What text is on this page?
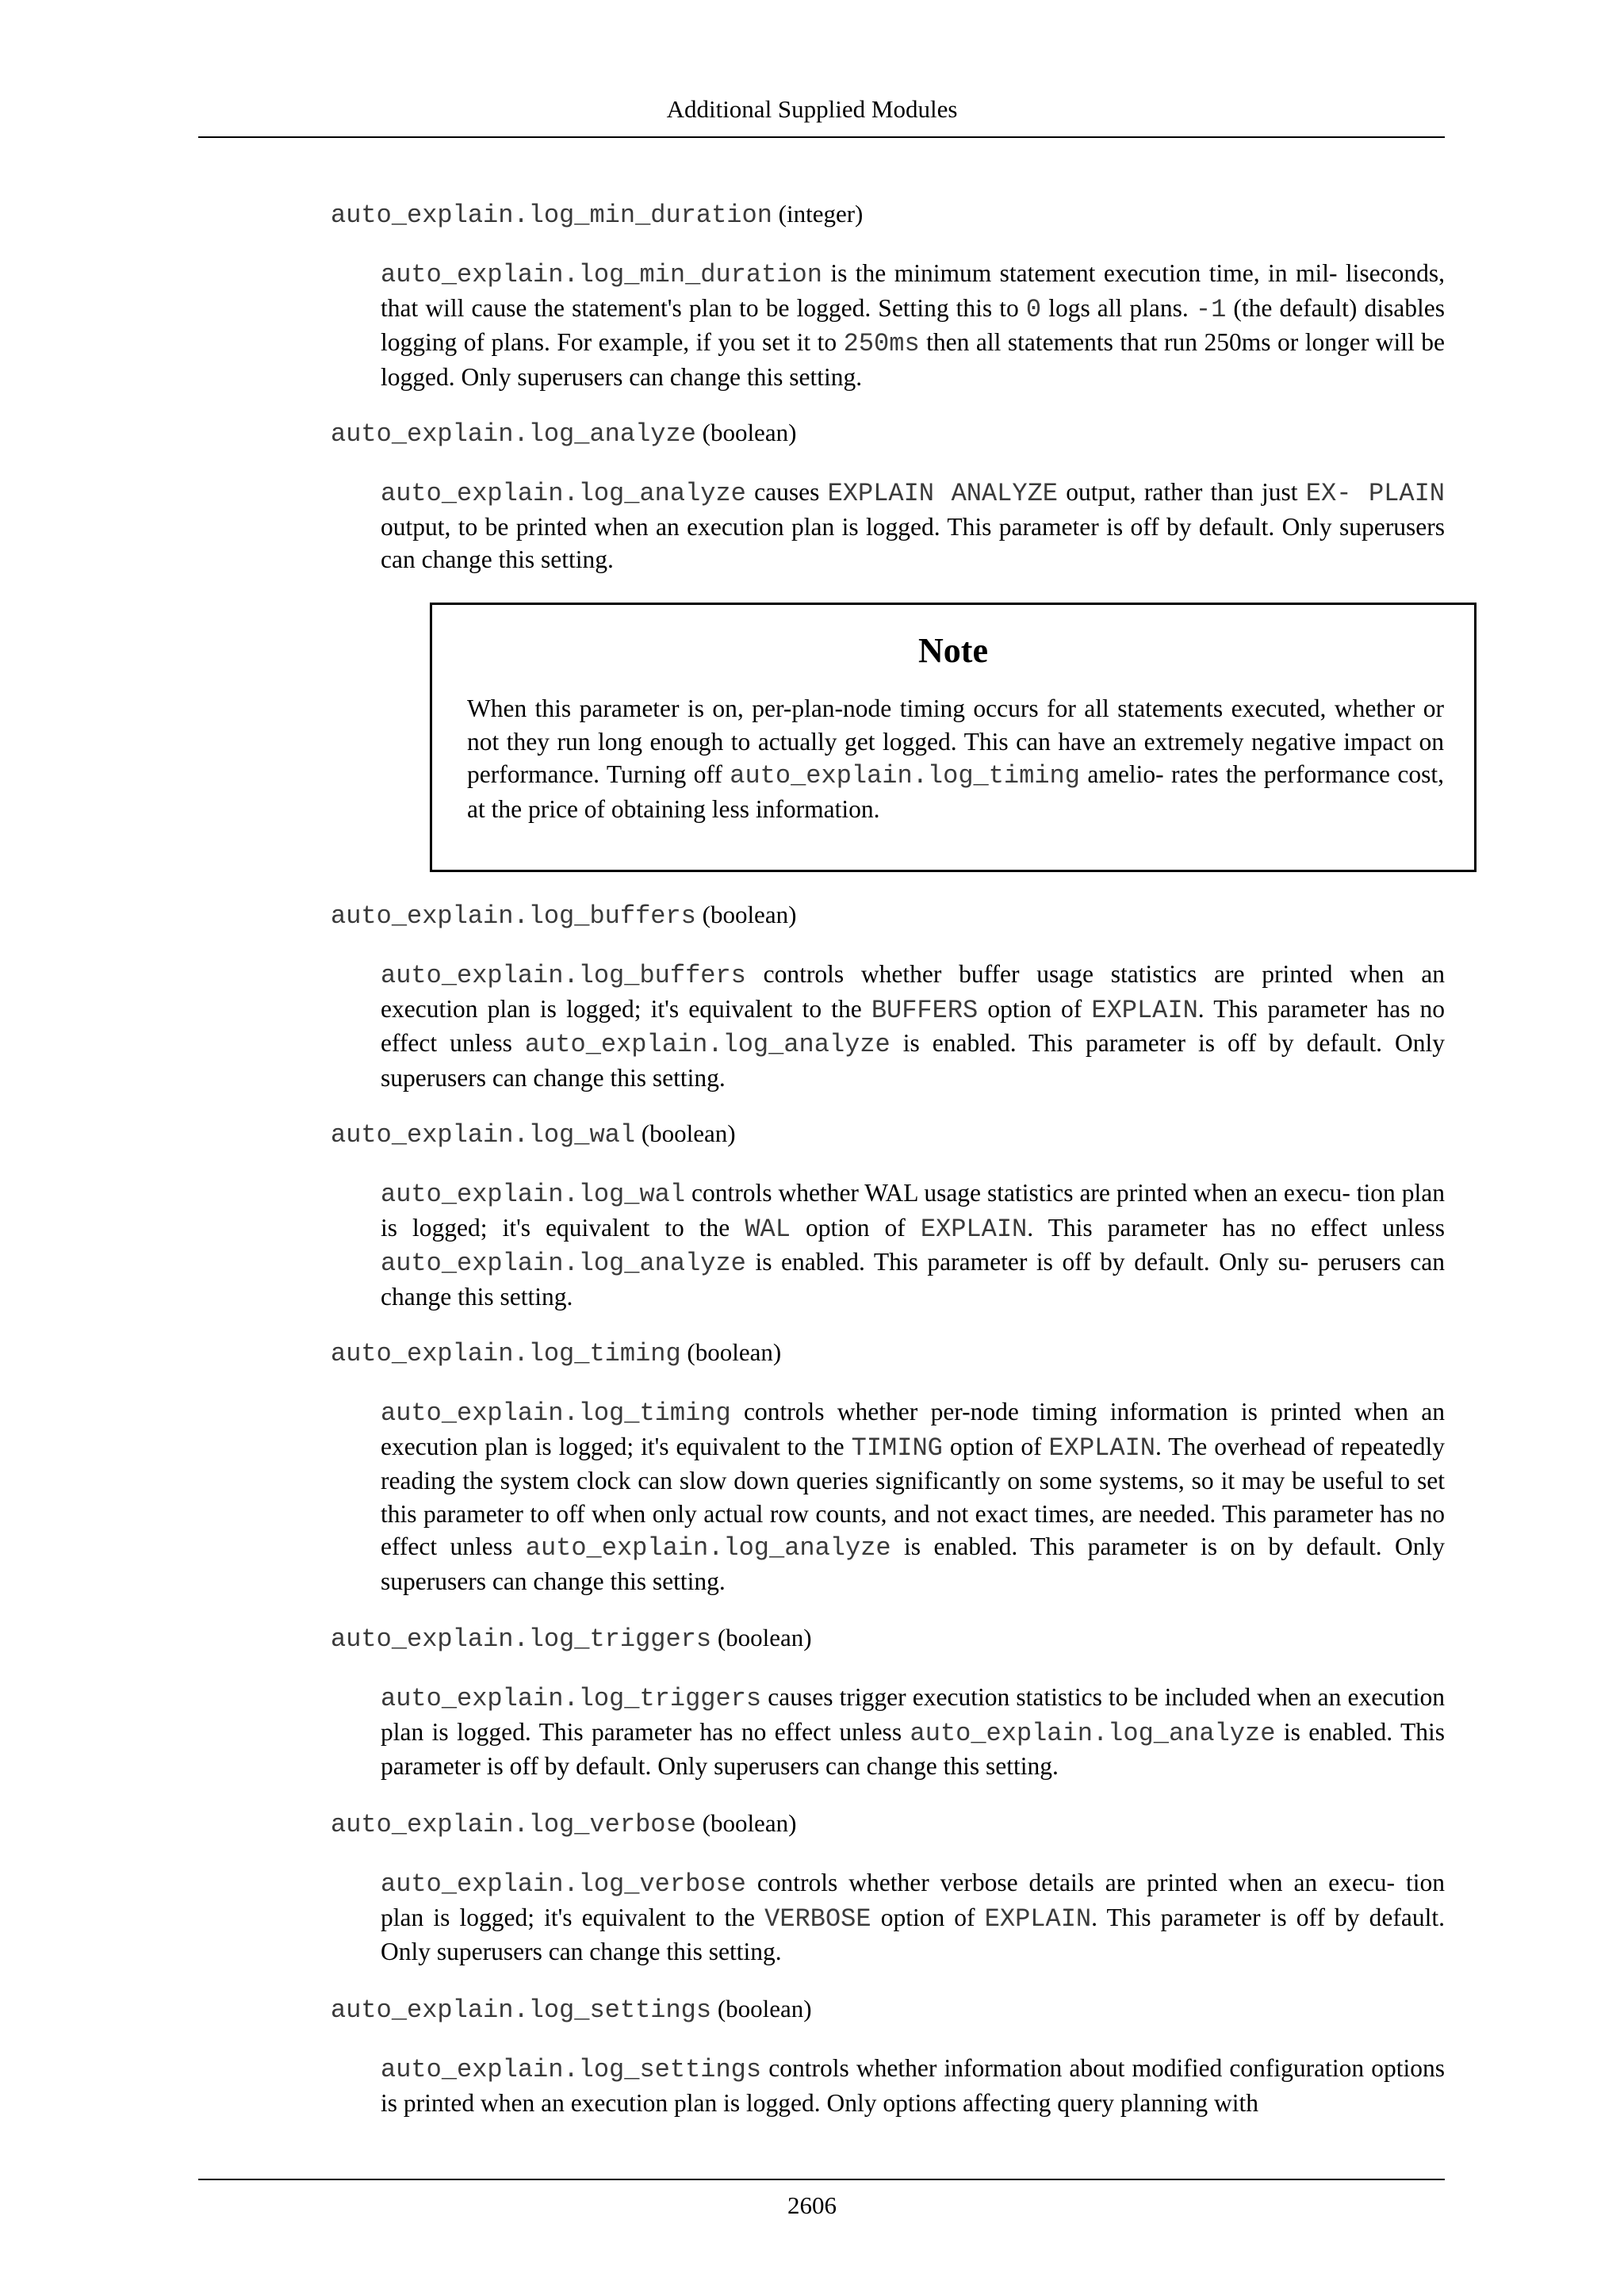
Additional Supplied Modules
auto_explain.log_min_duration (integer)
auto_explain.log_min_duration is the minimum statement execution time, in mil- liseconds, that will cause the statement's plan to be logged. Setting this to 0 logs all plans. -1 (the default) disables logging of plans. For example, if you set it to 250ms then all statements that run 250ms or longer will be logged. Only superusers can change this setting.
auto_explain.log_analyze (boolean)
auto_explain.log_analyze causes EXPLAIN ANALYZE output, rather than just EX- PLAIN output, to be printed when an execution plan is logged. This parameter is off by default. Only superusers can change this setting.
Note
When this parameter is on, per-plan-node timing occurs for all statements executed, whether or not they run long enough to actually get logged. This can have an extremely negative impact on performance. Turning off auto_explain.log_timing amelio- rates the performance cost, at the price of obtaining less information.
auto_explain.log_buffers (boolean)
auto_explain.log_buffers controls whether buffer usage statistics are printed when an execution plan is logged; it's equivalent to the BUFFERS option of EXPLAIN. This parameter has no effect unless auto_explain.log_analyze is enabled. This parameter is off by default. Only superusers can change this setting.
auto_explain.log_wal (boolean)
auto_explain.log_wal controls whether WAL usage statistics are printed when an execu- tion plan is logged; it's equivalent to the WAL option of EXPLAIN. This parameter has no effect unless auto_explain.log_analyze is enabled. This parameter is off by default. Only su- perusers can change this setting.
auto_explain.log_timing (boolean)
auto_explain.log_timing controls whether per-node timing information is printed when an execution plan is logged; it's equivalent to the TIMING option of EXPLAIN. The overhead of repeatedly reading the system clock can slow down queries significantly on some systems, so it may be useful to set this parameter to off when only actual row counts, and not exact times, are needed. This parameter has no effect unless auto_explain.log_analyze is enabled. This parameter is on by default. Only superusers can change this setting.
auto_explain.log_triggers (boolean)
auto_explain.log_triggers causes trigger execution statistics to be included when an execution plan is logged. This parameter has no effect unless auto_explain.log_analyze is enabled. This parameter is off by default. Only superusers can change this setting.
auto_explain.log_verbose (boolean)
auto_explain.log_verbose controls whether verbose details are printed when an execu- tion plan is logged; it's equivalent to the VERBOSE option of EXPLAIN. This parameter is off by default. Only superusers can change this setting.
auto_explain.log_settings (boolean)
auto_explain.log_settings controls whether information about modified configuration options is printed when an execution plan is logged. Only options affecting query planning with
2606
